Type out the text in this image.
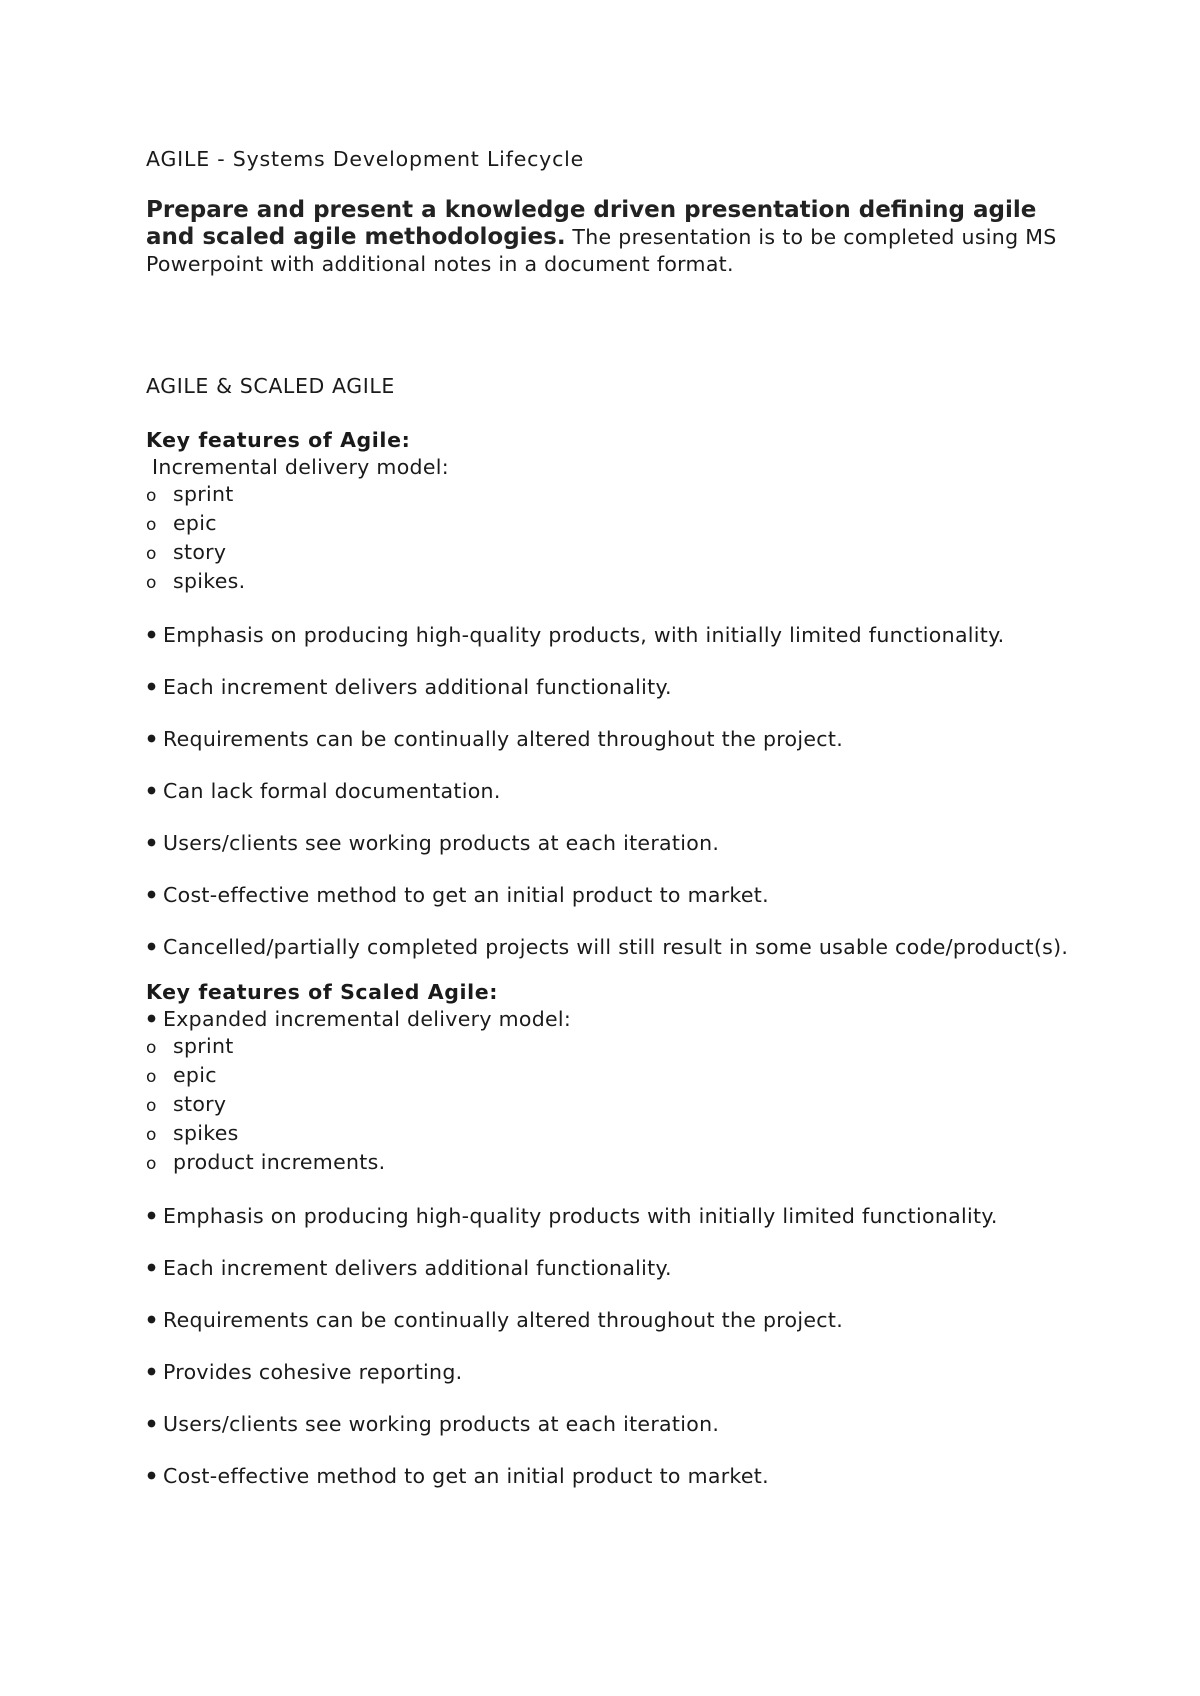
AGILE - Systems Development Lifecycle
Prepare and present a knowledge driven presentation defining agile and scaled agile methodologies. The presentation is to be completed using MS Powerpoint with additional notes in a document format.
AGILE & SCALED AGILE
Key features of Agile:
Incremental delivery model:
o sprint
o epic
o story
o spikes.
Emphasis on producing high-quality products, with initially limited functionality.
Each increment delivers additional functionality.
Requirements can be continually altered throughout the project.
Can lack formal documentation.
Users/clients see working products at each iteration.
Cost-effective method to get an initial product to market.
Cancelled/partially completed projects will still result in some usable code/product(s).
Key features of Scaled Agile:
Expanded incremental delivery model:
o sprint
o epic
o story
o spikes
o product increments.
Emphasis on producing high-quality products with initially limited functionality.
Each increment delivers additional functionality.
Requirements can be continually altered throughout the project.
Provides cohesive reporting.
Users/clients see working products at each iteration.
Cost-effective method to get an initial product to market.
